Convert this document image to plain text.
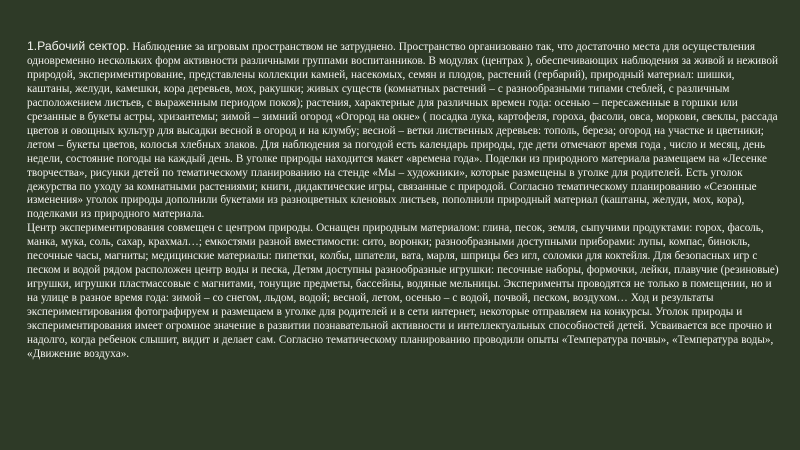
1.Рабочий сектор. Наблюдение за игровым пространством не затруднено. Пространство организовано так, что достаточно места для осуществления одновременно нескольких форм активности различными группами воспитанников. В модулях (центрах ), обеспечивающих наблюдения за живой и неживой природой, экспериментирование, представлены коллекции камней, насекомых, семян и плодов, растений (гербарий), природный материал: шишки, каштаны, желуди, камешки, кора деревьев, мох, ракушки; живых существ (комнатных растений – с разнообразными типами стеблей, с различным расположением листьев, с выраженным периодом покоя); растения, характерные для различных времен года: осенью – пересаженные в горшки или срезанные в букеты астры, хризантемы; зимой – зимний огород «Огород на окне» ( посадка лука, картофеля, гороха, фасоли, овса, моркови, свеклы, рассада цветов и овощных культур для высадки весной в огород и на клумбу; весной – ветки лиственных деревьев: тополь, береза; огород на участке и цветники; летом – букеты цветов, колосья хлебных злаков. Для наблюдения за погодой есть календарь природы, где дети отмечают время года , число и месяц, день недели, состояние погоды на каждый день. В уголке природы находится макет «времена года». Поделки из природного материала размещаем на «Лесенке творчества», рисунки детей по тематическому планированию на стенде «Мы – художники», которые размещены в уголке для родителей. Есть уголок дежурства по уходу за комнатными растениями; книги, дидактические игры, связанные с природой. Согласно тематическому планированию «Сезонные изменения» уголок природы дополнили букетами из разноцветных кленовых листьев, пополнили природный материал (каштаны, желуди, мох, кора), поделками из природного материала.

Центр экспериментирования совмещен с центром природы. Оснащен природным материалом: глина, песок, земля, сыпучими продуктами: горох, фасоль, манка, мука, соль, сахар, крахмал…; емкостями разной вместимости: сито, воронки; разнообразными доступными приборами: лупы, компас, бинокль, песочные часы, магниты; медицинские материалы: пипетки, колбы, шпатели, вата, марля, шприцы без игл, соломки для коктейля. Для безопасных игр с песком и водой рядом расположен центр воды и песка, Детям доступны разнообразные игрушки: песочные наборы, формочки, лейки, плавучие (резиновые) игрушки, игрушки пластмассовые с магнитами, тонущие предметы, бассейны, водяные мельницы. Эксперименты проводятся не только в помещении, но и на улице в разное время года: зимой – со снегом, льдом, водой; весной, летом, осенью – с водой, почвой, песком, воздухом… Ход и результаты экспериментирования фотографируем и размещаем в уголке для родителей и в сети интернет, некоторые отправляем на конкурсы. Уголок природы и экспериментирования имеет огромное значение в развитии познавательной активности и интеллектуальных способностей детей. Усваивается все прочно и надолго, когда ребенок слышит, видит и делает сам. Согласно тематическому планированию проводили опыты «Температура почвы», «Температура воды», «Движение воздуха».
